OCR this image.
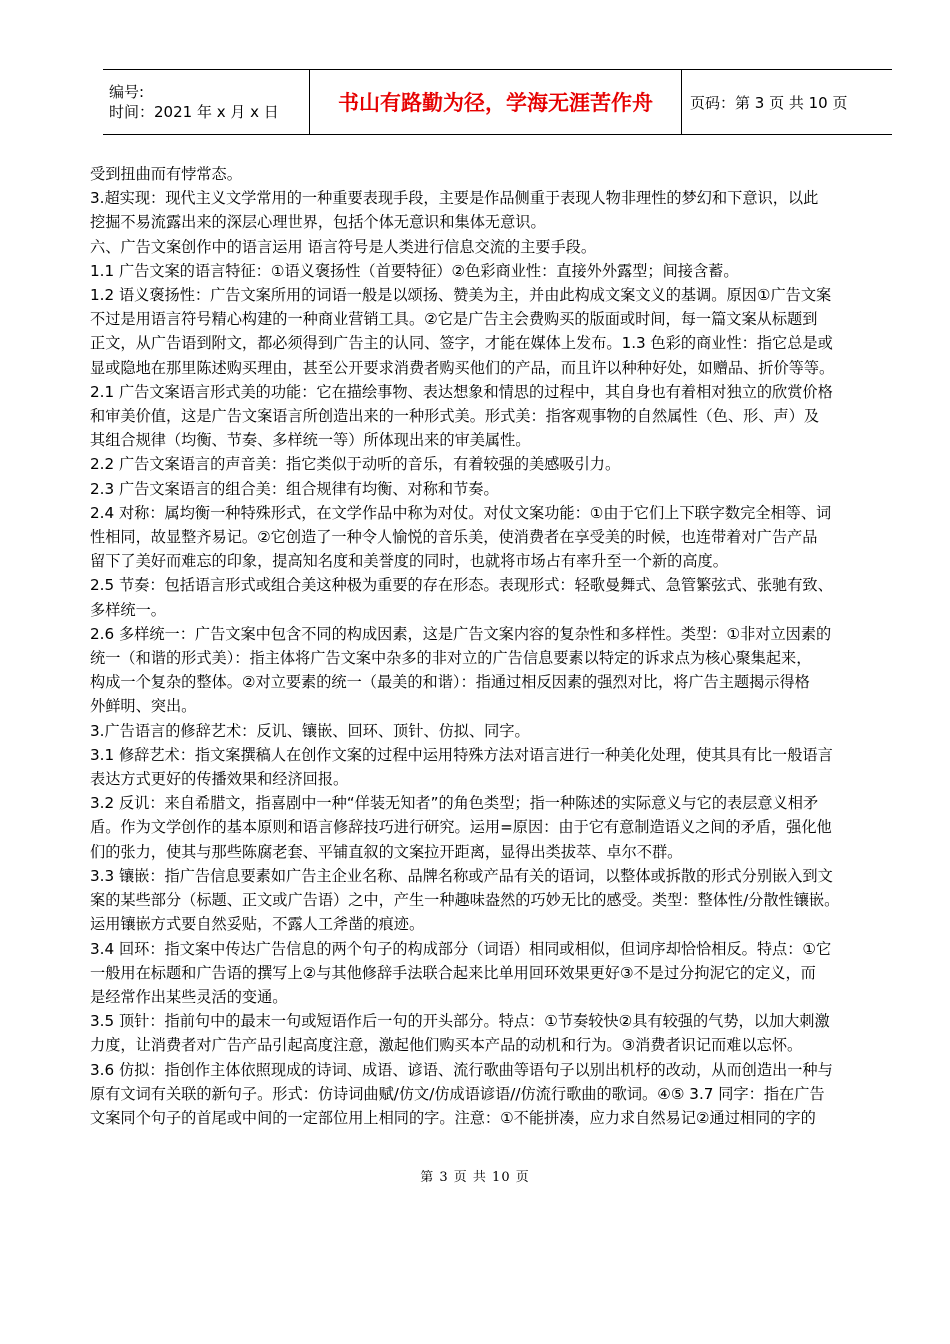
编号:
时间：2021 年 x 月 x 日	书山有路勤为径，学海无涯苦作舟	页码：第 3 页 共 10 页

受到扭曲而有悖常态。

3.超实现：现代主义文学常用的一种重要表现手段，主要是作品侧重于表现人物非理性的梦幻和下意识，以此

挖掘不易流露出来的深层心理世界，包括个体无意识和集体无意识。

六、广告文案创作中的语言运用 语言符号是人类进行信息交流的主要手段。

1.1 广告文案的语言特征：①语义褒扬性（首要特征）②色彩商业性：直接外外露型；间接含蓄。

1.2 语义褒扬性：广告文案所用的词语一般是以颂扬、赞美为主，并由此构成文案文义的基调。原因①广告文案

不过是用语言符号精心构建的一种商业营销工具。②它是广告主会费购买的版面或时间，每一篇文案从标题到

正文，从广告语到附文，都必须得到广告主的认同、签字，才能在媒体上发布。1.3 色彩的商业性：指它总是或

显或隐地在那里陈述购买理由，甚至公开要求消费者购买他们的产品，而且许以种种好处，如赠品、折价等等。

2.1 广告文案语言形式美的功能：它在描绘事物、表达想象和情思的过程中，其自身也有着相对独立的欣赏价格

和审美价值，这是广告文案语言所创造出来的一种形式美。形式美：指客观事物的自然属性（色、形、声）及

其组合规律（均衡、节奏、多样统一等）所体现出来的审美属性。

2.2 广告文案语言的声音美：指它类似于动听的音乐，有着较强的美感吸引力。

2.3 广告文案语言的组合美：组合规律有均衡、对称和节奏。

2.4 对称：属均衡一种特殊形式，在文学作品中称为对仗。对仗文案功能：①由于它们上下联字数完全相等、词

性相同，故显整齐易记。②它创造了一种令人愉悦的音乐美，使消费者在享受美的时候，也连带着对广告产品

留下了美好而难忘的印象，提高知名度和美誉度的同时，也就将市场占有率升至一个新的高度。

2.5 节奏：包括语言形式或组合美这种极为重要的存在形态。表现形式：轻歌曼舞式、急管繁弦式、张驰有致、

多样统一。

2.6 多样统一：广告文案中包含不同的构成因素，这是广告文案内容的复杂性和多样性。类型：①非对立因素的

统一（和谐的形式美）：指主体将广告文案中杂多的非对立的广告信息要素以特定的诉求点为核心聚集起来，

构成一个复杂的整体。②对立要素的统一（最美的和谐）：指通过相反因素的强烈对比，将广告主题揭示得格

外鲜明、突出。

3.广告语言的修辞艺术：反讥、镶嵌、回环、顶针、仿拟、同字。

3.1 修辞艺术：指文案撰稿人在创作文案的过程中运用特殊方法对语言进行一种美化处理，使其具有比一般语言

表达方式更好的传播效果和经济回报。

3.2 反讥：来自希腊文，指喜剧中一种“佯装无知者”的角色类型；指一种陈述的实际意义与它的表层意义相矛

盾。作为文学创作的基本原则和语言修辞技巧进行研究。运用=原因：由于它有意制造语义之间的矛盾，强化他

们的张力，使其与那些陈腐老套、平铺直叙的文案拉开距离，显得出类拔萃、卓尔不群。

3.3 镶嵌：指广告信息要素如广告主企业名称、品牌名称或产品有关的语词，以整体或拆散的形式分别嵌入到文

案的某些部分（标题、正文或广告语）之中，产生一种趣味盎然的巧妙无比的感受。类型：整体性/分散性镶嵌。

运用镶嵌方式要自然妥贴，不露人工斧凿的痕迹。

3.4 回环：指文案中传达广告信息的两个句子的构成部分（词语）相同或相似，但词序却恰恰相反。特点：①它

一般用在标题和广告语的撰写上②与其他修辞手法联合起来比单用回环效果更好③不是过分拘泥它的定义，而

是经常作出某些灵活的变通。

3.5 顶针：指前句中的最末一句或短语作后一句的开头部分。特点：①节奏较快②具有较强的气势，以加大刺激

力度，让消费者对广告产品引起高度注意，激起他们购买本产品的动机和行为。③消费者识记而难以忘怀。

3.6 仿拟：指创作主体依照现成的诗词、成语、谚语、流行歌曲等语句子以别出机杼的改动，从而创造出一种与

原有文词有关联的新句子。形式：仿诗词曲赋/仿文/仿成语谚语//仿流行歌曲的歌词。④⑤ 3.7 同字：指在广告

文案同个句子的首尾或中间的一定部位用上相同的字。注意：①不能拼凑，应力求自然易记②通过相同的字的

第 3 页 共 10 页
